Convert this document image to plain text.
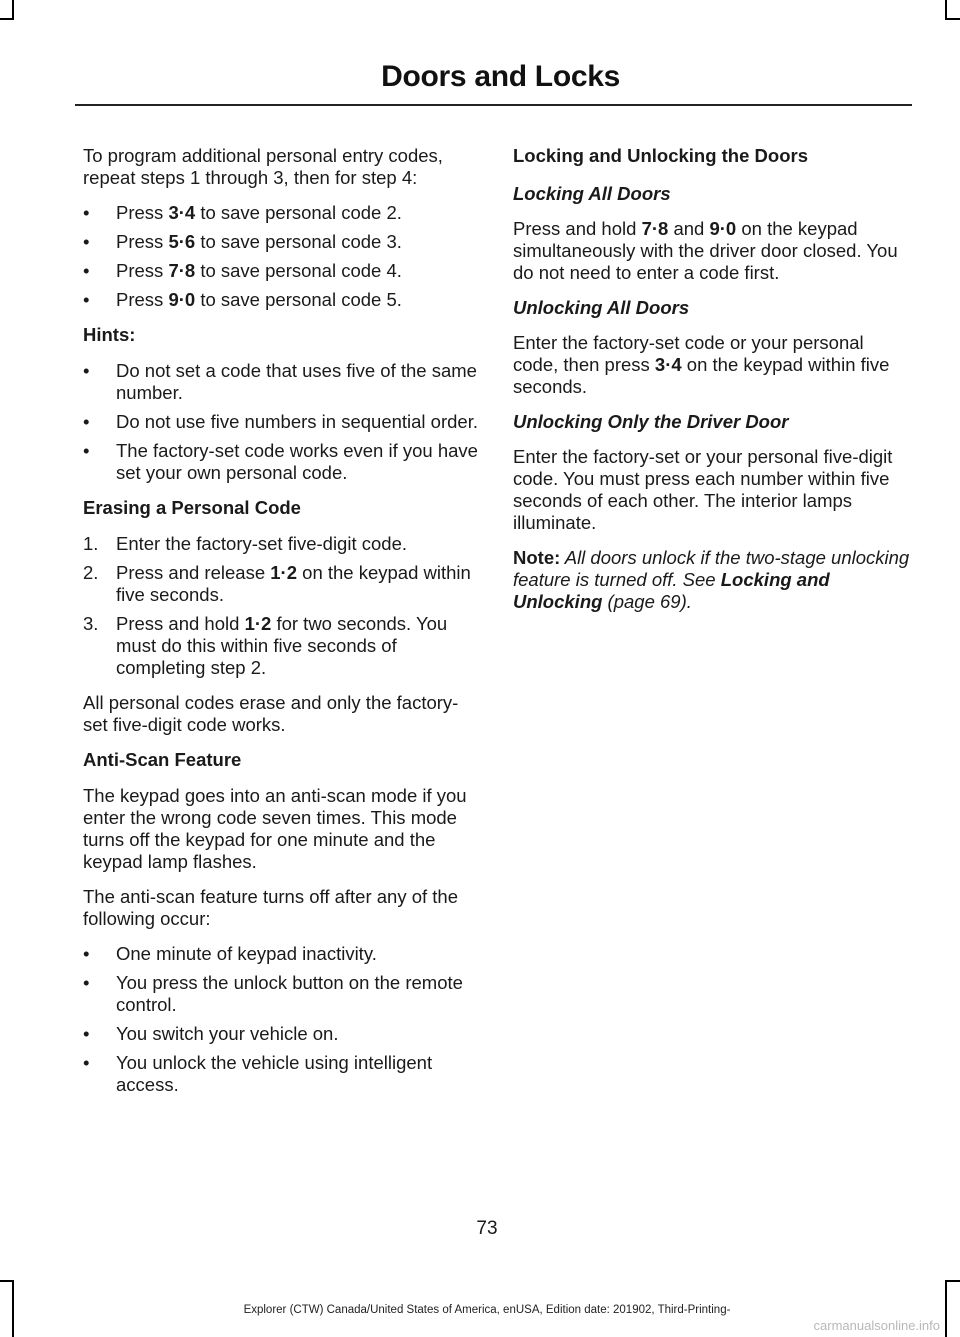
Doors and Locks

To program additional personal entry codes, repeat steps 1 through 3, then for step 4:

• Press 3·4 to save personal code 2.
• Press 5·6 to save personal code 3.
• Press 7·8 to save personal code 4.
• Press 9·0 to save personal code 5.
Hints:
• Do not set a code that uses five of the same number.
• Do not use five numbers in sequential order.
• The factory-set code works even if you have set your own personal code.
Erasing a Personal Code
1. Enter the factory-set five-digit code.
2. Press and release 1·2 on the keypad within five seconds.
3. Press and hold 1·2 for two seconds. You must do this within five seconds of completing step 2.

All personal codes erase and only the factory-set five-digit code works.

Anti-Scan Feature

The keypad goes into an anti-scan mode if you enter the wrong code seven times. This mode turns off the keypad for one minute and the keypad lamp flashes.

The anti-scan feature turns off after any of the following occur:

• One minute of keypad inactivity.
• You press the unlock button on the remote control.
• You switch your vehicle on.
• You unlock the vehicle using intelligent access.
Locking and Unlocking the Doors
Locking All Doors

Press and hold 7·8 and 9·0 on the keypad simultaneously with the driver door closed. You do not need to enter a code first.

Unlocking All Doors

Enter the factory-set code or your personal code, then press 3·4 on the keypad within five seconds.

Unlocking Only the Driver Door

Enter the factory-set or your personal five-digit code. You must press each number within five seconds of each other. The interior lamps illuminate.

Note: All doors unlock if the two-stage unlocking feature is turned off. See Locking and Unlocking (page 69).

73
Explorer (CTW) Canada/United States of America, enUSA, Edition date: 201902, Third-Printing-
carmanualsonline.info
